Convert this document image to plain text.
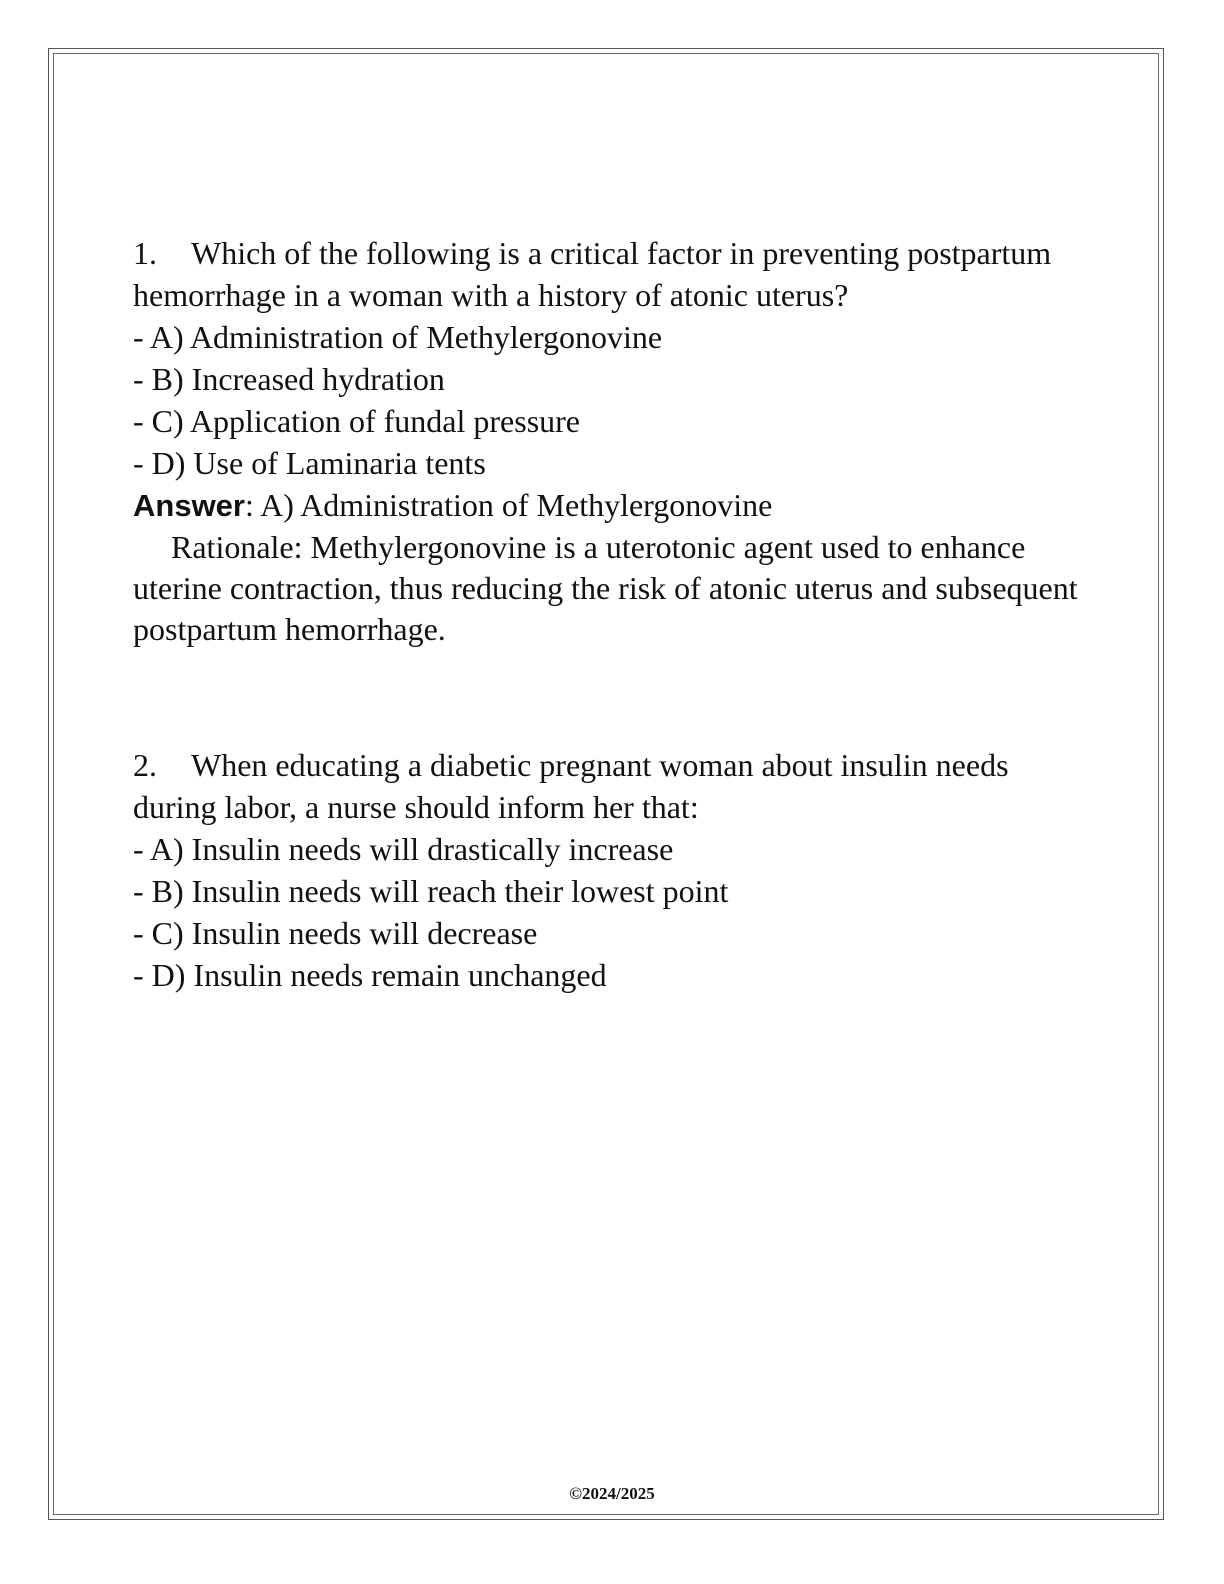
1. Which of the following is a critical factor in preventing postpartum hemorrhage in a woman with a history of atonic uterus?

- A) Administration of Methylergonovine

- B) Increased hydration

- C) Application of fundal pressure

- D) Use of Laminaria tents

Answer: A) Administration of Methylergonovine

Rationale: Methylergonovine is a uterotonic agent used to enhance uterine contraction, thus reducing the risk of atonic uterus and subsequent postpartum hemorrhage.

2. When educating a diabetic pregnant woman about insulin needs during labor, a nurse should inform her that:

- A) Insulin needs will drastically increase

- B) Insulin needs will reach their lowest point

- C) Insulin needs will decrease

- D) Insulin needs remain unchanged

©2024/2025
